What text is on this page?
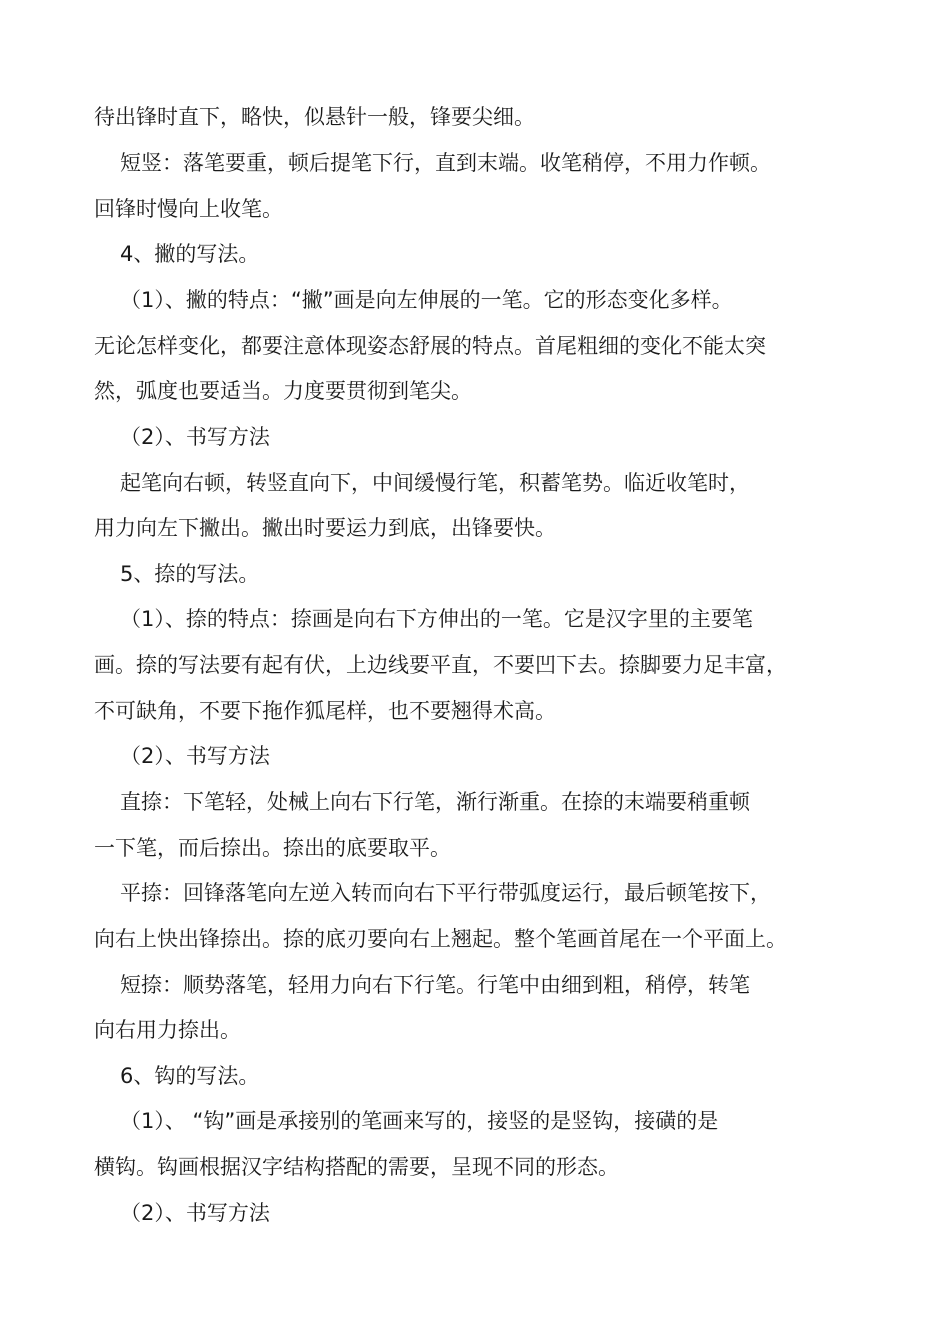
待出锋时直下，略快，似悬针一般，锋要尖细。
短竖：落笔要重，顿后提笔下行，直到末端。收笔稍停，不用力作顿。
回锋时慢向上收笔。
4、撇的写法。
（1）、撇的特点：“撇”画是向左伸展的一笔。它的形态变化多样。
无论怎样变化，都要注意体现姿态舒展的特点。首尾粗细的变化不能太突
然，弧度也要适当。力度要贯彻到笔尖。
（2）、书写方法
起笔向右顿，转竖直向下，中间缓慢行笔，积蓄笔势。临近收笔时，
用力向左下撇出。撇出时要运力到底，出锋要快。
5、捺的写法。
（1）、捺的特点：捺画是向右下方伸出的一笔。它是汉字里的主要笔
画。捺的写法要有起有伏，上边线要平直，不要凹下去。捺脚要力足丰富，
不可缺角，不要下拖作狐尾样，也不要翘得术高。
（2）、书写方法
直捺：下笔轻，处械上向右下行笔，渐行渐重。在捺的末端要稍重顿
一下笔，而后捺出。捺出的底要取平。
平捺：回锋落笔向左逆入转而向右下平行带弧度运行，最后顿笔按下，
向右上快出锋捺出。捺的底刃要向右上翘起。整个笔画首尾在一个平面上。
短捺：顺势落笔，轻用力向右下行笔。行笔中由细到粗，稍停，转笔
向右用力捺出。
6、钩的写法。
（1）、 “钩”画是承接别的笔画来写的，接竖的是竖钩，接磺的是
横钩。钩画根据汉字结构搭配的需要，呈现不同的形态。
（2）、书写方法
